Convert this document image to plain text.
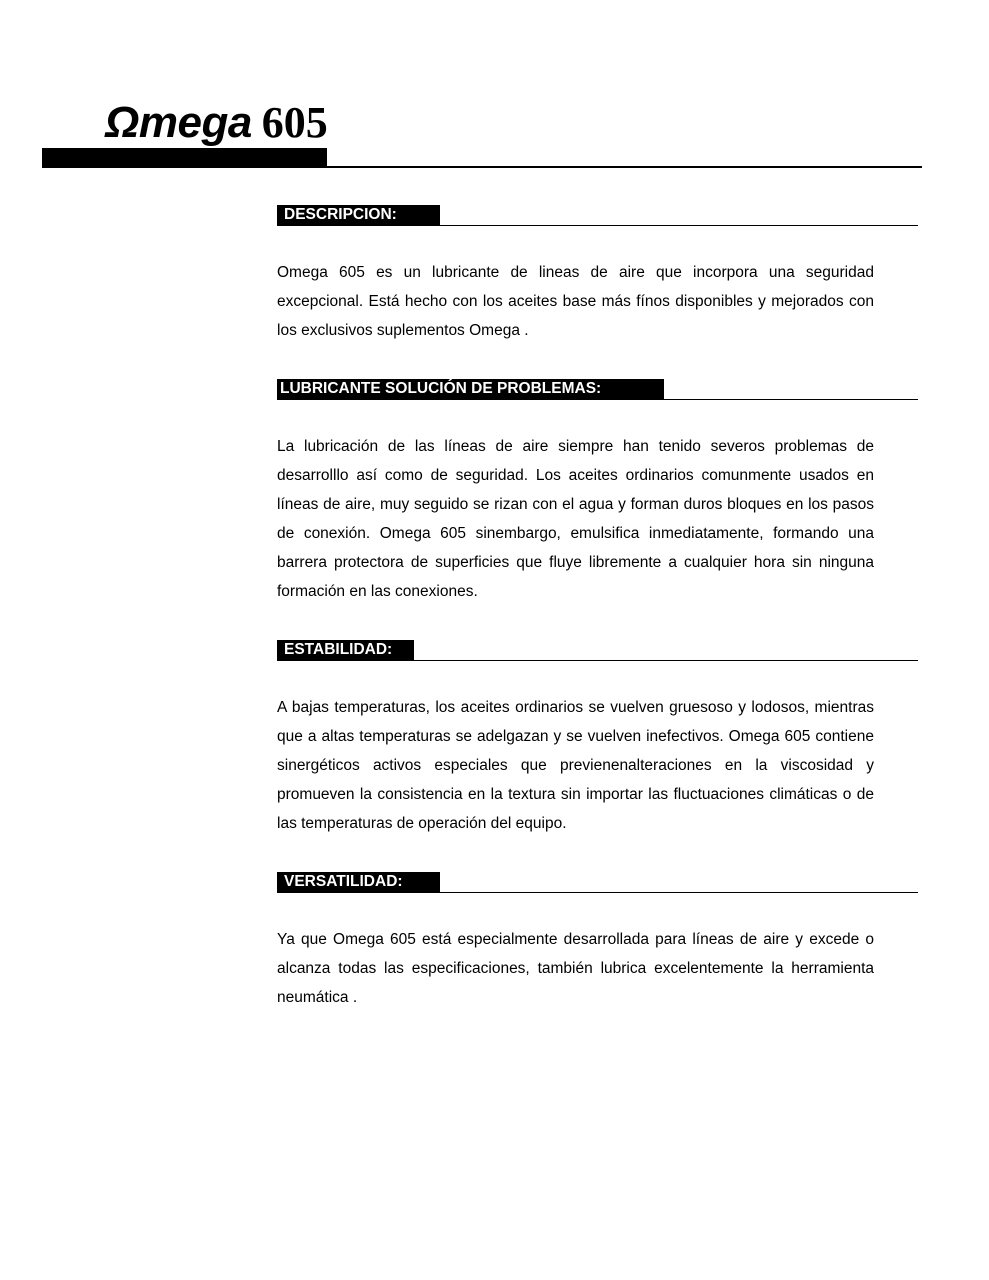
Ωmega 605
DESCRIPCION:

Omega 605 es un lubricante de lineas de aire que incorpora una seguridad excepcional. Está hecho con los aceites base más fínos disponibles y mejorados con los exclusivos suplementos Omega .

LUBRICANTE SOLUCIÓN DE PROBLEMAS:

La lubricación de las líneas de aire siempre han tenido severos problemas de desarrolllo así como de seguridad. Los aceites ordinarios comunmente usados en líneas de aire, muy seguido se rizan con el agua y forman duros bloques en los pasos de conexión. Omega 605 sinembargo, emulsifica inmediatamente, formando una barrera protectora de superficies que fluye libremente a cualquier hora sin ninguna formación en las conexiones.

ESTABILIDAD:

A bajas temperaturas, los aceites ordinarios se vuelven gruesoso y lodosos, mientras que a altas temperaturas se adelgazan y se vuelven inefectivos. Omega 605 contiene sinergéticos activos especiales que previenenalteraciones en la viscosidad y promueven la consistencia en la textura sin importar las fluctuaciones climáticas o de las temperaturas de operación del equipo.

VERSATILIDAD:

Ya que Omega 605 está especialmente desarrollada para líneas de aire y excede o alcanza todas las especificaciones, también lubrica excelentemente la herramienta neumática .
